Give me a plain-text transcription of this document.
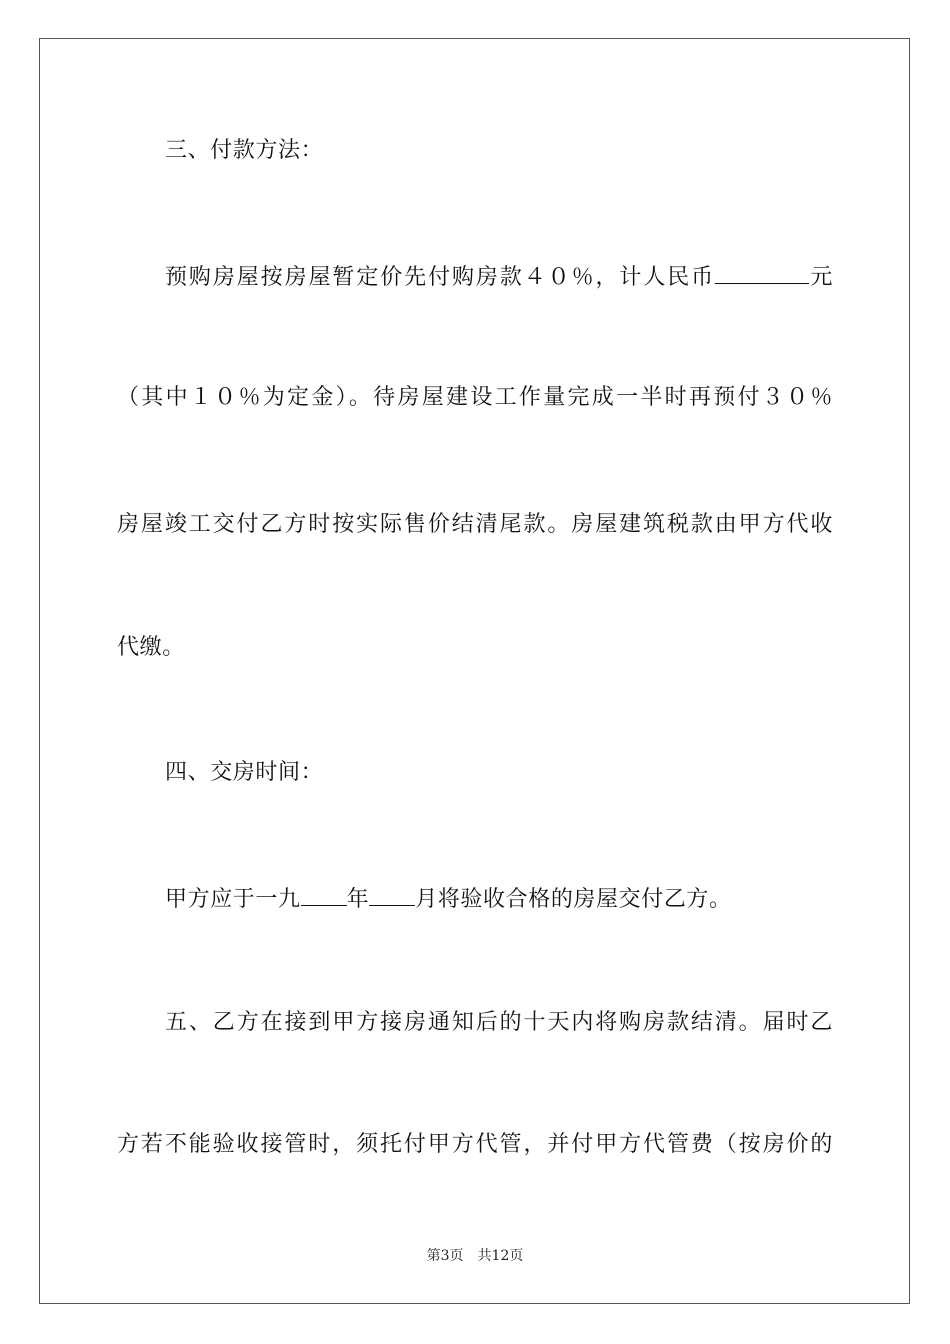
三、付款方法：
预购房屋按房屋暂定价先付购房款４０％，计人民币	元
（其中１０％为定金）。待房屋建设工作量完成一半时再预付３０％
房屋竣工交付乙方时按实际售价结清尾款。房屋建筑税款由甲方代收
代缴。
四、交房时间：
甲方应于一九 年 月将验收合格的房屋交付乙方。
五、乙方在接到甲方接房通知后的十天内将购房款结清。届时乙
方若不能验收接管时，须托付甲方代管，并付甲方代管费（按房价的
第3页 共12页
